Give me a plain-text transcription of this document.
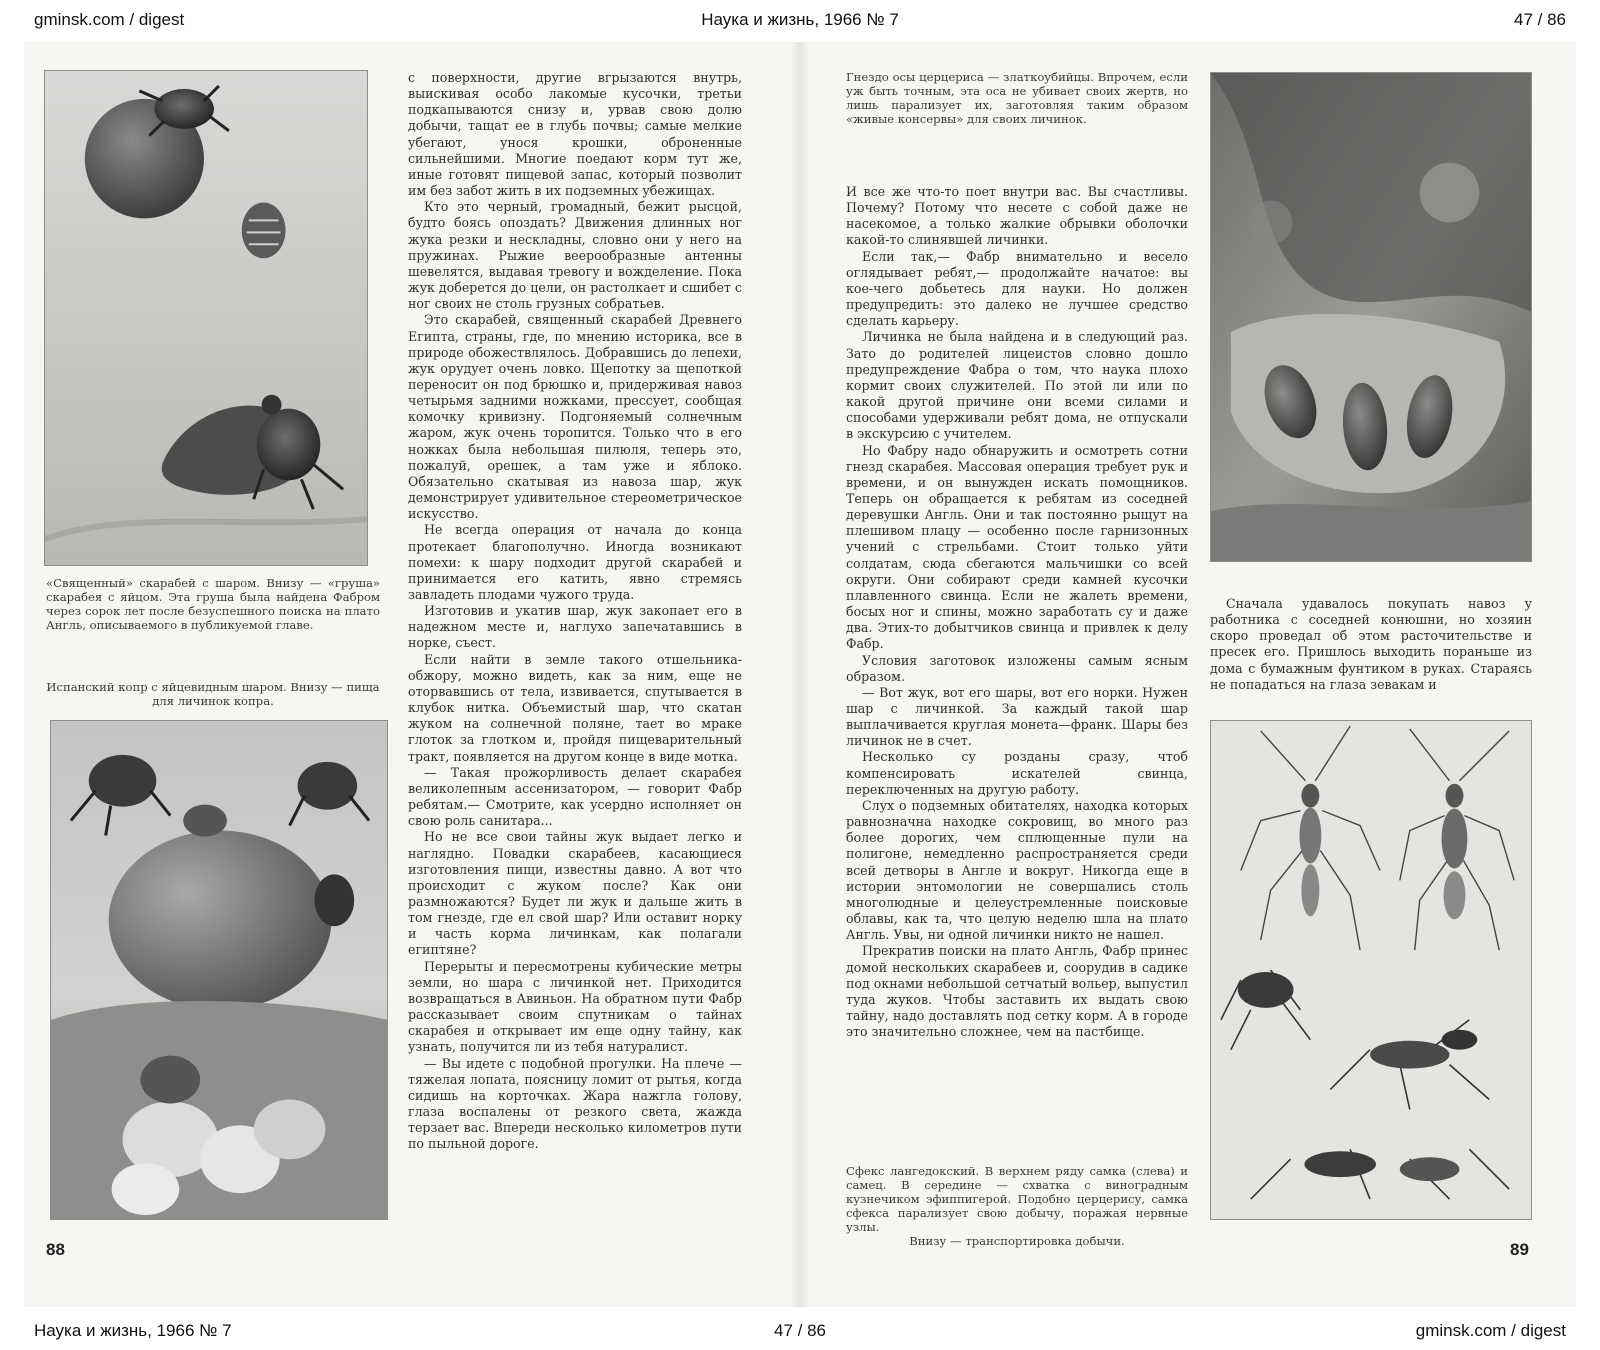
gminsk.com / digest	Наука и жизнь, 1966 № 7	47 / 86
«Священный» скарабей с шаром. Внизу — «груша» скарабея с яйцом. Эта груша была найдена Фабром через сорок лет после безуспешного поиска на плато Англь, описываемого в публикуемой главе.
Испанский копр с яйцевидным шаром. Внизу — пища для личинок копра.

с поверхности, другие вгрызаются внутрь, выискивая особо лакомые кусочки, третьи подкапываются снизу и, урвав свою долю добычи, тащат ее в глубь почвы; самые мелкие убегают, унося крошки, оброненные сильнейшими. Многие поедают корм тут же, иные готовят пищевой запас, который позволит им без забот жить в их подземных убежищах.

Кто это черный, громадный, бежит рысцой, будто боясь опоздать? Движения длинных ног жука резки и нескладны, словно они у него на пружинах. Рыжие веерообразные антенны шевелятся, выдавая тревогу и вожделение. Пока жук доберется до цели, он растолкает и сшибет с ног своих не столь грузных собратьев.

Это скарабей, священный скарабей Древнего Египта, страны, где, по мнению историка, все в природе обожествлялось. Добравшись до лепехи, жук орудует очень ловко. Щепотку за щепоткой переносит он под брюшко и, придерживая навоз четырьмя задними ножками, прессует, сообщая комочку кривизну. Подгоняемый солнечным жаром, жук очень торопится. Только что в его ножках была небольшая пилюля, теперь это, пожалуй, орешек, а там уже и яблоко. Обязательно скатывая из навоза шар, жук демонстрирует удивительное стереометрическое искусство.

Не всегда операция от начала до конца протекает благополучно. Иногда возникают помехи: к шару подходит другой скарабей и принимается его катить, явно стремясь завладеть плодами чужого труда.

Изготовив и укатив шар, жук закопает его в надежном месте и, наглухо запечатавшись в норке, съест.

Если найти в земле такого отшельника-обжору, можно видеть, как за ним, еще не оторвавшись от тела, извивается, спутывается в клубок нитка. Объемистый шар, что скатан жуком на солнечной поляне, тает во мраке глоток за глотком и, пройдя пищеварительный тракт, появляется на другом конце в виде мотка.

— Такая прожорливость делает скарабея великолепным ассенизатором, — говорит Фабр ребятам.— Смотрите, как усердно исполняет он свою роль санитара...

Но не все свои тайны жук выдает легко и наглядно. Повадки скарабеев, касающиеся изготовления пищи, известны давно. А вот что происходит с жуком после? Как они размножаются? Будет ли жук и дальше жить в том гнезде, где ел свой шар? Или оставит норку и часть корма личинкам, как полагали египтяне?

Перерыты и пересмотрены кубические метры земли, но шара с личинкой нет. Приходится возвращаться в Авиньон. На обратном пути Фабр рассказывает своим спутникам о тайнах скарабея и открывает им еще одну тайну, как узнать, получится ли из тебя натуралист.

— Вы идете с подобной прогулки. На плече — тяжелая лопата, поясницу ломит от рытья, когда сидишь на корточках. Жара нажгла голову, глаза воспалены от резкого света, жажда терзает вас. Впереди несколько километров пути по пыльной дороге.

88
Гнездо осы церцериса — златкоубийцы. Впрочем, если уж быть точным, эта оса не убивает своих жертв, но лишь парализует их, заготовляя таким образом «живые консервы» для своих личинок.

И все же что-то поет внутри вас. Вы счастливы. Почему? Потому что несете с собой даже не насекомое, а только жалкие обрывки оболочки какой-то слинявшей личинки.

Если так,— Фабр внимательно и весело оглядывает ребят,— продолжайте начатое: вы кое-чего добьетесь для науки. Но должен предупредить: это далеко не лучшее средство сделать карьеру.

Личинка не была найдена и в следующий раз. Зато до родителей лицеистов словно дошло предупреждение Фабра о том, что наука плохо кормит своих служителей. По этой ли или по какой другой причине они всеми силами и способами удерживали ребят дома, не отпускали в экскурсию с учителем.

Но Фабру надо обнаружить и осмотреть сотни гнезд скарабея. Массовая операция требует рук и времени, и он вынужден искать помощников. Теперь он обращается к ребятам из соседней деревушки Англь. Они и так постоянно рыщут на плешивом плацу — особенно после гарнизонных учений с стрельбами. Стоит только уйти солдатам, сюда сбегаются мальчишки со всей округи. Они собирают среди камней кусочки плавленного свинца. Если не жалеть времени, босых ног и спины, можно заработать су и даже два. Этих-то добытчиков свинца и привлек к делу Фабр.

Условия заготовок изложены самым ясным образом.

— Вот жук, вот его шары, вот его норки. Нужен шар с личинкой. За каждый такой шар выплачивается круглая монета—франк. Шары без личинок не в счет.

Несколько су розданы сразу, чтоб компенсировать искателей свинца, переключенных на другую работу.

Слух о подземных обитателях, находка которых равнозначна находке сокровищ, во много раз более дорогих, чем сплющенные пули на полигоне, немедленно распространяется среди всей детворы в Англе и вокруг. Никогда еще в истории энтомологии не совершались столь многолюдные и целеустремленные поисковые облавы, как та, что целую неделю шла на плато Англь. Увы, ни одной личинки никто не нашел.

Прекратив поиски на плато Англь, Фабр принес домой нескольких скарабеев и, соорудив в садике под окнами небольшой сетчатый вольер, выпустил туда жуков. Чтобы заставить их выдать свою тайну, надо доставлять под сетку корм. А в городе это значительно сложнее, чем на пастбище.

Сфекс лангедокский. В верхнем ряду самка (слева) и самец. В середине — схватка с виноградным кузнечиком эфиппигерой. Подобно церцерису, самка сфекса парализует свою добычу, поражая нервные узлы.
Внизу — транспортировка добычи.

Сначала удавалось покупать навоз у работника с соседней конюшни, но хозяин скоро проведал об этом расточительстве и пресек его. Пришлось выходить пораньше из дома с бумажным фунтиком в руках. Стараясь не попадаться на глаза зевакам и

89
Наука и жизнь, 1966 № 7	47 / 86	gminsk.com / digest
